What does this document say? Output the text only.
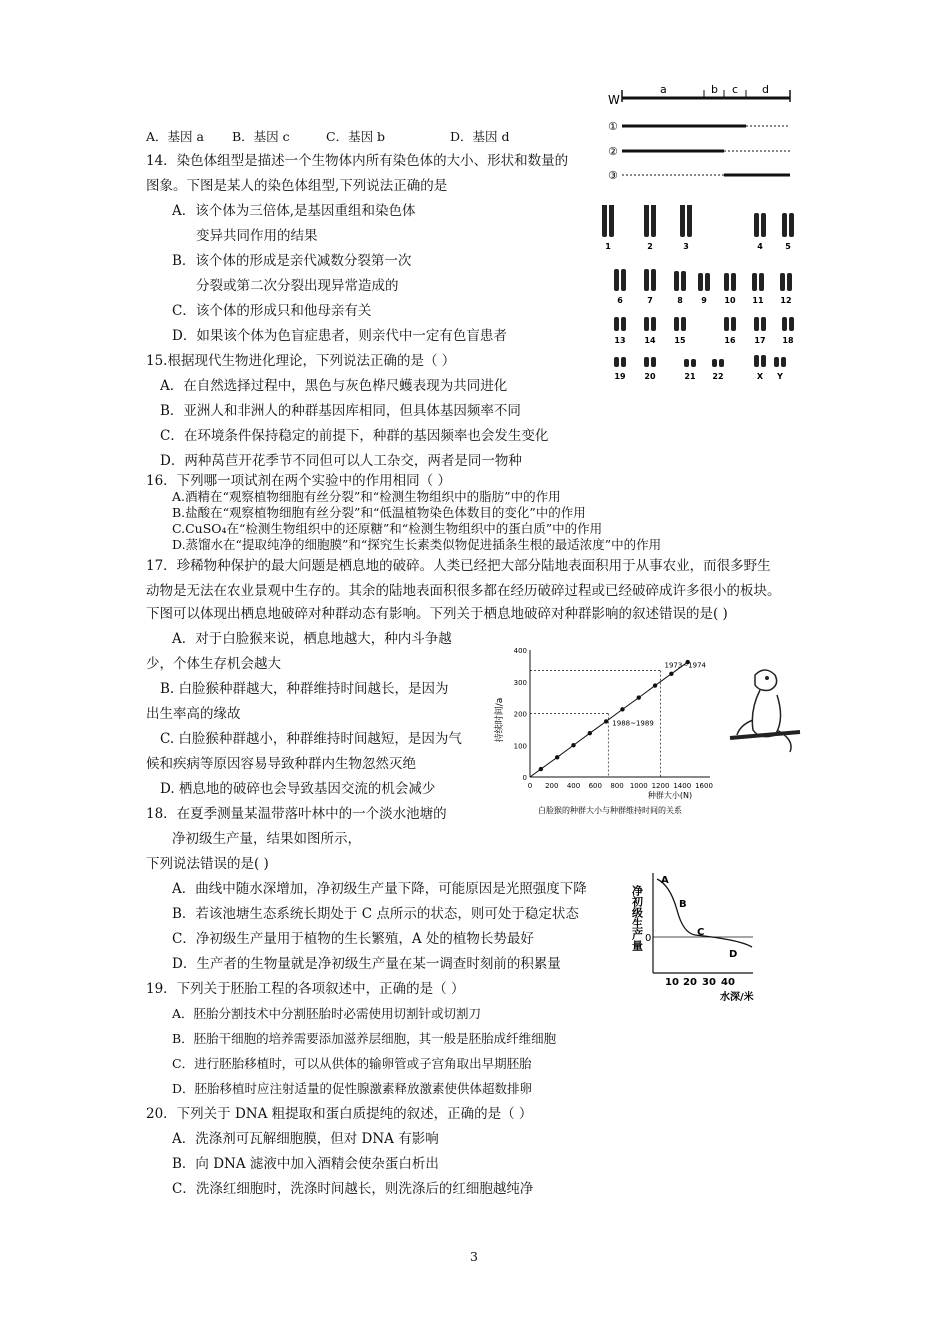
A．基因 a B．基因 c	C．基因 b	D．基因 d
W
a	b c d
①
②
③
14．染色体组型是描述一个生物体内所有染色体的大小、形状和数量的
图象。下图是某人的染色体组型,下列说法正确的是
A．该个体为三倍体,是基因重组和染色体
变异共同作用的结果
B．该个体的形成是亲代减数分裂第一次
分裂或第二次分裂出现异常造成的
C．该个体的形成只和他母亲有关
D．如果该个体为色盲症患者，则亲代中一定有色盲患者
1	2	3	4	5
6	7	8 9 10 11 12
13 14 15	16 17 18
19 20	21 22	X Y
15.根据现代生物进化理论，下列说法正确的是（ ）
A．在自然选择过程中，黑色与灰色桦尺蠖表现为共同进化
B．亚洲人和非洲人的种群基因库相同，但具体基因频率不同
C．在环境条件保持稳定的前提下，种群的基因频率也会发生变化
D．两种莴苣开花季节不同但可以人工杂交，两者是同一物种
16．下列哪一项试剂在两个实验中的作用相同（ ）
A.酒精在“观察植物细胞有丝分裂”和“检测生物组织中的脂肪”中的作用
B.盐酸在“观察植物细胞有丝分裂”和“低温植物染色体数目的变化”中的作用
C.CuSO₄在“检测生物组织中的还原糖”和“检测生物组织中的蛋白质”中的作用
D.蒸馏水在“提取纯净的细胞膜”和“探究生长素类似物促进插条生根的最适浓度”中的作用
17．珍稀物种保护的最大问题是栖息地的破碎。人类已经把大部分陆地表面积用于从事农业，而很多野生
动物是无法在农业景观中生存的。其余的陆地表面积很多都在经历破碎过程或已经破碎成许多很小的板块。
下图可以体现出栖息地破碎对种群动态有影响。下列关于栖息地破碎对种群影响的叙述错误的是( )
A．对于白脸猴来说，栖息地越大，种内斗争越
少，个体生存机会越大
B. 白脸猴种群越大，种群维持时间越长，是因为
出生率高的缘故
C. 白脸猴种群越小，种群维持时间越短，是因为气
候和疾病等原因容易导致种群内生物忽然灭绝
D. 栖息地的破碎也会导致基因交流的机会减少
持续时间/a
种群大小(N)
白脸猴的种群大小与种群维持时间的关系
0 200 400 600 800 1000 1200 1400 1600
0
100
200
300
400
1973~1974
1988~1989
18．在夏季测量某温带落叶林中的一个淡水池塘的
净初级生产量，结果如图所示，
下列说法错误的是( )
A．曲线中随水深增加，净初级生产量下降，可能原因是光照强度下降
B．若该池塘生态系统长期处于 C 点所示的状态，则可处于稳定状态
C．净初级生产量用于植物的生长繁殖，A 处的植物长势最好
D．生产者的生物量就是净初级生产量在某一调查时刻前的积累量
净初级生产量 0
A
B
C
D
10 20 30 40
水深/米
19．下列关于胚胎工程的各项叙述中，正确的是（ ）
A．胚胎分割技术中分割胚胎时必需使用切割针或切割刀
B．胚胎干细胞的培养需要添加滋养层细胞，其一般是胚胎成纤维细胞
C．进行胚胎移植时，可以从供体的输卵管或子宫角取出早期胚胎
D．胚胎移植时应注射适量的促性腺激素释放激素使供体超数排卵
20．下列关于 DNA 粗提取和蛋白质提纯的叙述，正确的是（ ）
A．洗涤剂可瓦解细胞膜，但对 DNA 有影响
B．向 DNA 滤液中加入酒精会使杂蛋白析出
C．洗涤红细胞时，洗涤时间越长，则洗涤后的红细胞越纯净
3
